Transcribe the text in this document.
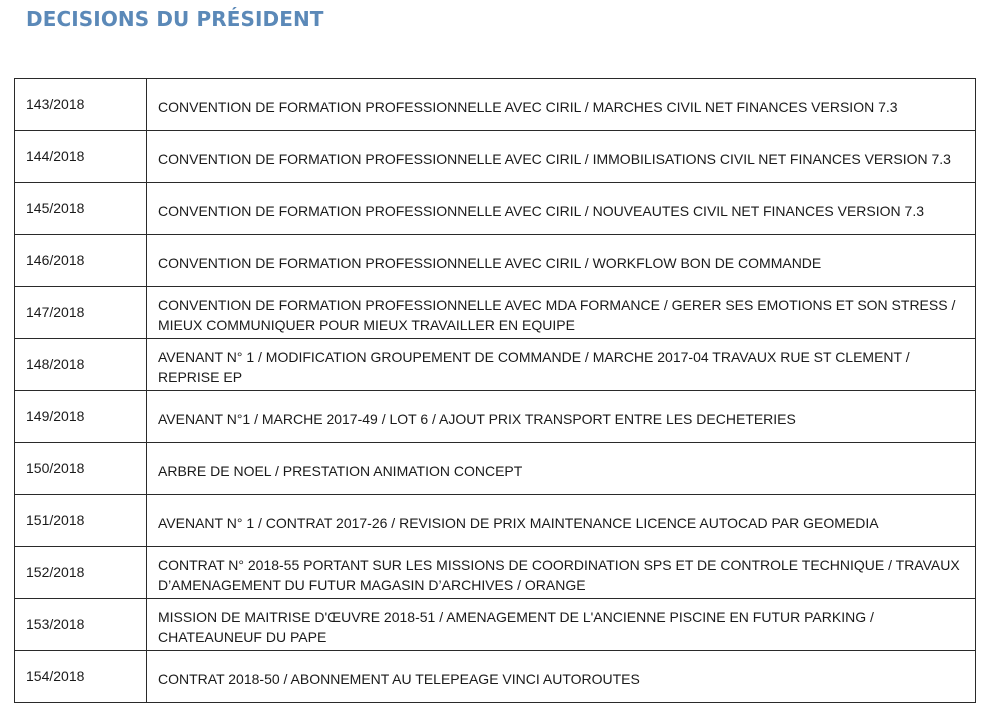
DECISIONS DU PRÉSIDENT
143/2018	CONVENTION DE FORMATION PROFESSIONNELLE AVEC CIRIL / MARCHES CIVIL NET FINANCES VERSION 7.3

144/2018	CONVENTION DE FORMATION PROFESSIONNELLE AVEC CIRIL / IMMOBILISATIONS CIVIL NET FINANCES VERSION 7.3

145/2018	CONVENTION DE FORMATION PROFESSIONNELLE AVEC CIRIL / NOUVEAUTES CIVIL NET FINANCES VERSION 7.3

146/2018	CONVENTION DE FORMATION PROFESSIONNELLE AVEC CIRIL / WORKFLOW BON DE COMMANDE

147/2018	CONVENTION DE FORMATION PROFESSIONNELLE AVEC MDA FORMANCE / GERER SES EMOTIONS ET SON STRESS / MIEUX COMMUNIQUER POUR MIEUX TRAVAILLER EN EQUIPE

148/2018	AVENANT N° 1 / MODIFICATION GROUPEMENT DE COMMANDE / MARCHE 2017-04 TRAVAUX RUE ST CLEMENT / REPRISE EP

149/2018	AVENANT N°1 / MARCHE 2017-49 / LOT 6 / AJOUT PRIX TRANSPORT ENTRE LES DECHETERIES

150/2018	ARBRE DE NOEL / PRESTATION ANIMATION CONCEPT

151/2018	AVENANT N° 1 / CONTRAT 2017-26 / REVISION DE PRIX MAINTENANCE LICENCE AUTOCAD PAR GEOMEDIA

152/2018	CONTRAT N° 2018-55 PORTANT SUR LES MISSIONS DE COORDINATION SPS ET DE CONTROLE TECHNIQUE / TRAVAUX D’AMENAGEMENT DU FUTUR MAGASIN D’ARCHIVES / ORANGE

153/2018	MISSION DE MAITRISE D'ŒUVRE 2018-51 / AMENAGEMENT DE L'ANCIENNE PISCINE EN FUTUR PARKING / CHATEAUNEUF DU PAPE

154/2018	CONTRAT 2018-50 / ABONNEMENT AU TELEPEAGE VINCI AUTOROUTES
